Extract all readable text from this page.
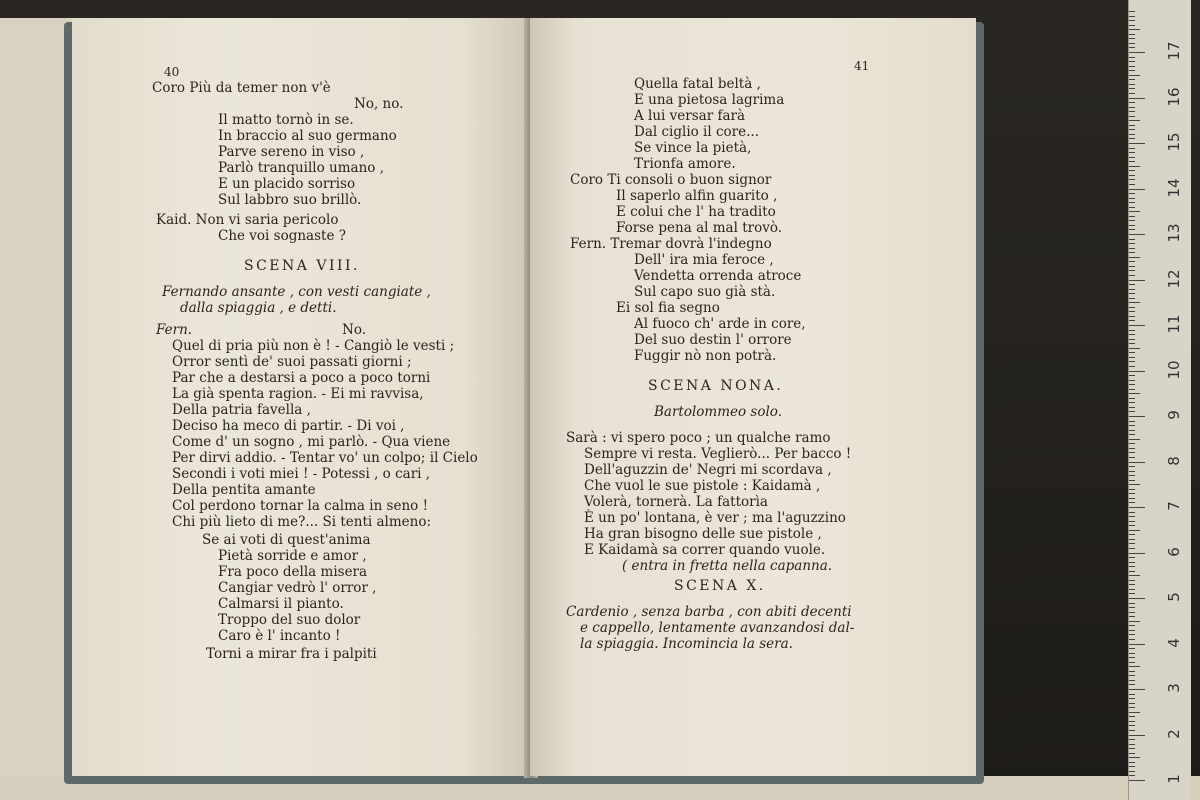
40
Coro Più da temer non v'è
No, no.
Il matto tornò in se.
In braccio al suo germano
Parve sereno in viso ,
Parlò tranquillo umano ,
E un placido sorriso
Sul labbro suo brillò.
Kaid. Non vi saria pericolo
Che voi sognaste ?
SCENA VIII.
Fernando ansante , con vesti cangiate ,
dalla spiaggia , e detti.
Fern.	No.
Quel di pria più non è ! - Cangiò le vesti ;
Orror sentì de' suoi passati giorni ;
Par che a destarsi a poco a poco torni
La già spenta ragion. - Ei mi ravvisa,
Della patria favella ,
Deciso ha meco di partir. - Di voi ,
Come d' un sogno , mi parlò. - Qua viene
Per dirvi addio. - Tentar vo' un colpo; il Cielo
Secondi i voti miei ! - Potessi , o cari ,
Della pentita amante
Col perdono tornar la calma in seno !
Chi più lieto di me?... Si tenti almeno:
Se ai voti di quest'anima
Pietà sorride e amor ,
Fra poco della misera
Cangiar vedrò l' orror ,
Calmarsi il pianto.
Troppo del suo dolor
Caro è l' incanto !
Torni a mirar fra i palpiti
41
Quella fatal beltà ,
E una pietosa lagrima
A lui versar farà
Dal ciglio il core...
Se vince la pietà,
Trionfa amore.
Coro Ti consoli o buon signor
Il saperlo alfin guarito ,
E colui che l' ha tradito
Forse pena al mal trovò.
Fern. Tremar dovrà l'indegno
Dell' ira mia feroce ,
Vendetta orrenda atroce
Sul capo suo già stà.
Ei sol fia segno
Al fuoco ch' arde in core,
Del suo destin l' orrore
Fuggir nò non potrà.
SCENA NONA.
Bartolommeo solo.
Sarà : vi spero poco ; un qualche ramo
Sempre vi resta. Veglierò... Per bacco !
Dell'aguzzin de' Negri mi scordava ,
Che vuol le sue pistole : Kaidamà ,
Volerà, tornerà. La fattorìa
È un po' lontana, è ver ; ma l'aguzzino
Ha gran bisogno delle sue pistole ,
E Kaidamà sa correr quando vuole.
( entra in fretta nella capanna.
SCENA X.
Cardenio , senza barba , con abiti decenti
e cappello, lentamente avanzandosi dal-
la spiaggia. Incomincia la sera.
1
2
3
4
5
6
7
8
9
10
11
12
13
14
15
16
17
